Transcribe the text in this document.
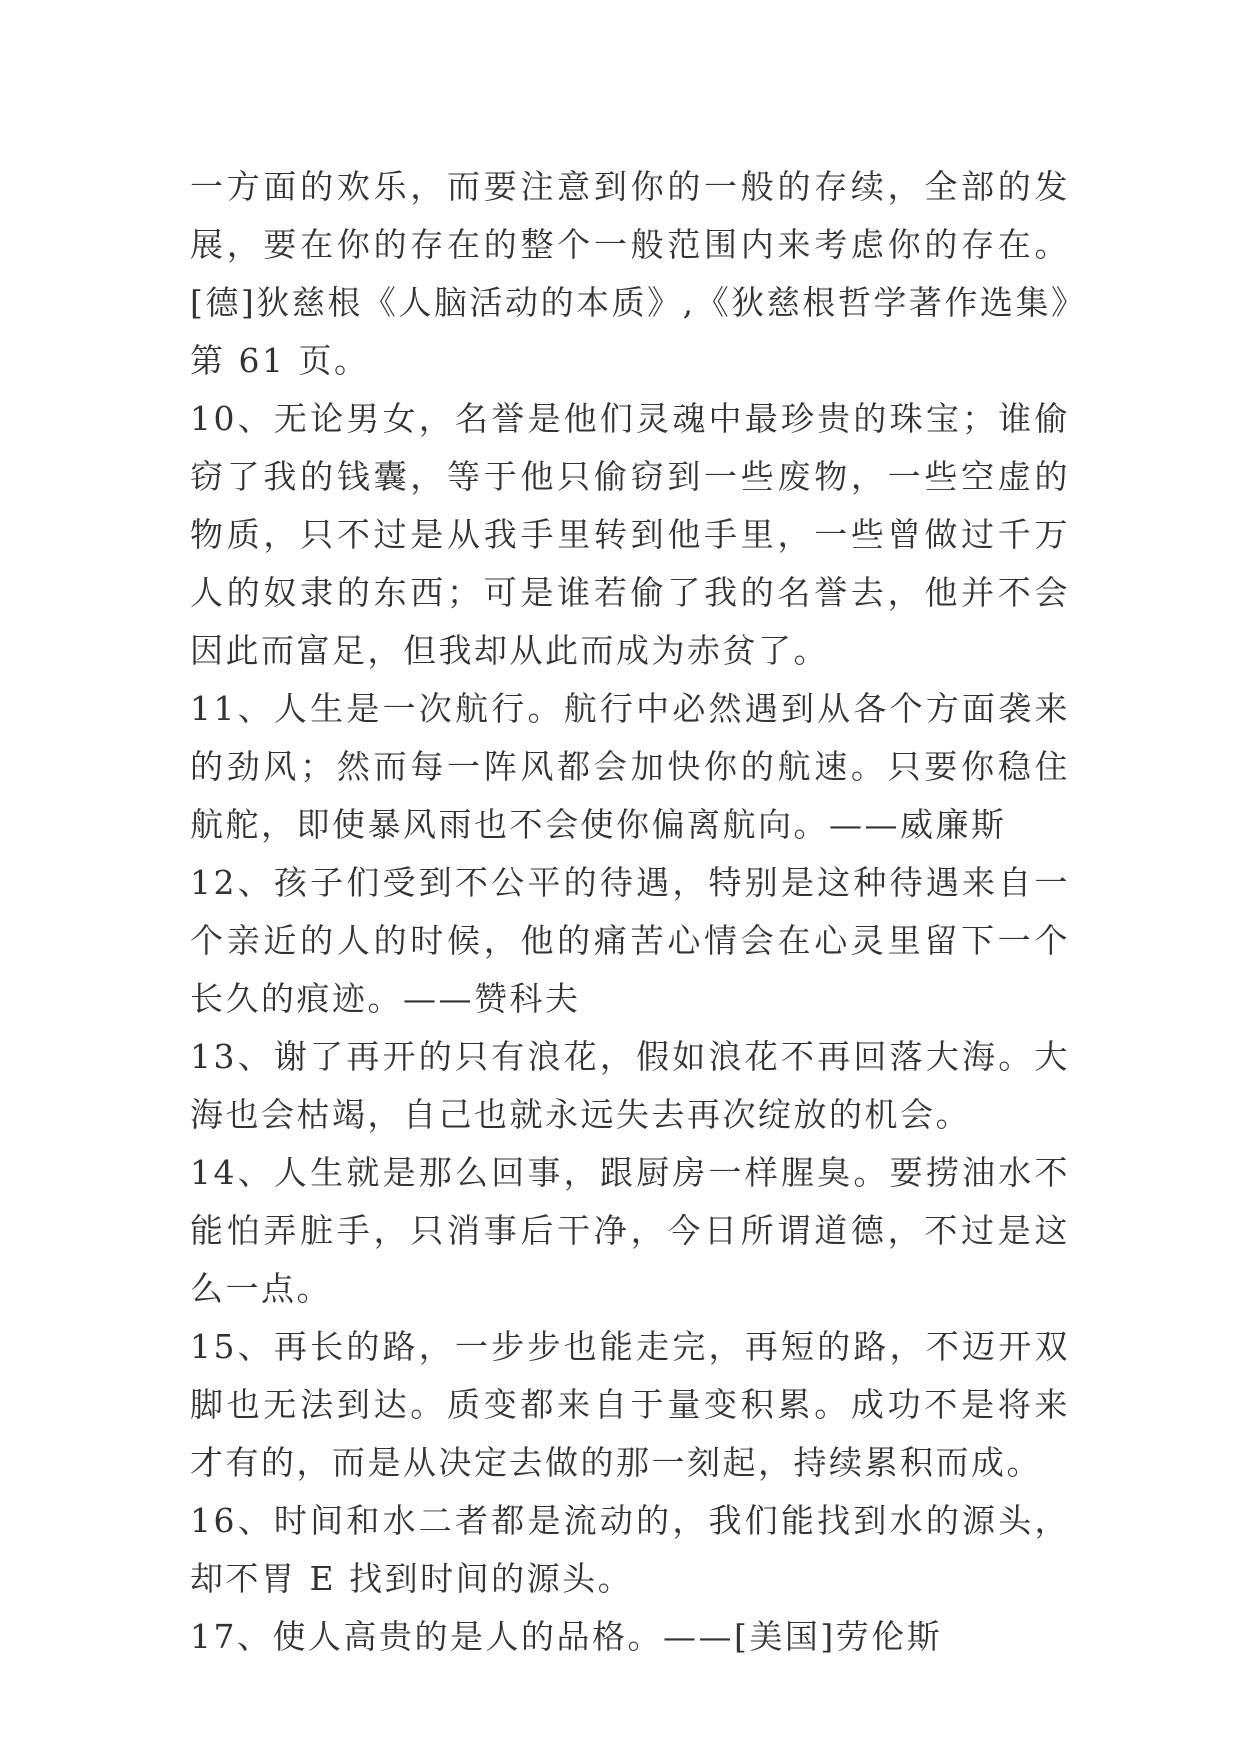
一方面的欢乐，而要注意到你的一般的存续，全部的发展，要在你的存在的整个一般范围内来考虑你的存在。[德]狄慈根《人脑活动的本质》,《狄慈根哲学著作选集》第 61 页。

10、无论男女，名誉是他们灵魂中最珍贵的珠宝；谁偷窃了我的钱囊，等于他只偷窃到一些废物，一些空虚的物质，只不过是从我手里转到他手里，一些曾做过千万人的奴隶的东西；可是谁若偷了我的名誉去，他并不会因此而富足，但我却从此而成为赤贫了。

11、人生是一次航行。航行中必然遇到从各个方面袭来的劲风；然而每一阵风都会加快你的航速。只要你稳住航舵，即使暴风雨也不会使你偏离航向。——威廉斯

12、孩子们受到不公平的待遇，特别是这种待遇来自一个亲近的人的时候，他的痛苦心情会在心灵里留下一个长久的痕迹。——赞科夫

13、谢了再开的只有浪花，假如浪花不再回落大海。大海也会枯竭，自己也就永远失去再次绽放的机会。

14、人生就是那么回事，跟厨房一样腥臭。要捞油水不能怕弄脏手，只消事后干净，今日所谓道德，不过是这么一点。

15、再长的路，一步步也能走完，再短的路，不迈开双脚也无法到达。质变都来自于量变积累。成功不是将来才有的，而是从决定去做的那一刻起，持续累积而成。

16、时间和水二者都是流动的，我们能找到水的源头，却不胃 E 找到时间的源头。

17、使人高贵的是人的品格。——[美国]劳伦斯
